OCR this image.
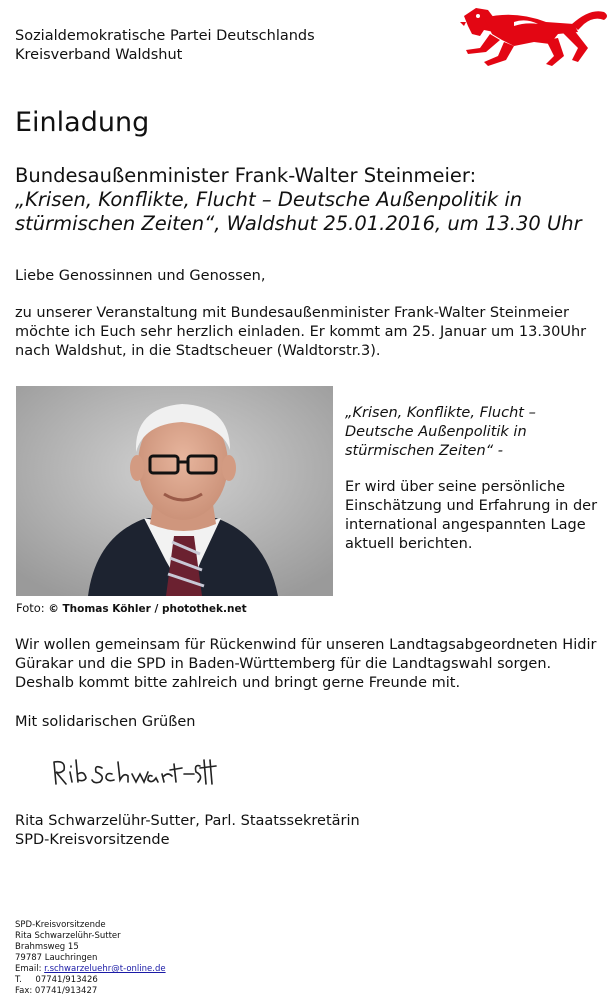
Sozialdemokratische Partei Deutschlands

Kreisverband Waldshut

Einladung
Bundesaußenminister Frank-Walter Steinmeier:
„Krisen, Konflikte, Flucht – Deutsche Außenpolitik in stürmischen Zeiten“, Waldshut 25.01.2016, um 13.30 Uhr
Liebe Genossinnen und Genossen,
zu unserer Veranstaltung mit Bundesaußenminister Frank-Walter Steinmeier möchte ich Euch sehr herzlich einladen. Er kommt am 25. Januar um 13.30Uhr nach Waldshut, in die Stadtscheuer (Waldtorstr.3).
Foto: © Thomas Köhler / photothek.net
„Krisen, Konflikte, Flucht – Deutsche Außenpolitik in stürmischen Zeiten“ -
Er wird über seine persönliche Einschätzung und Erfahrung in der international angespannten Lage aktuell berichten.
Wir wollen gemeinsam für Rückenwind für unseren Landtagsabgeordneten Hidir Gürakar und die SPD in Baden-Württemberg für die Landtagswahl sorgen. Deshalb kommt bitte zahlreich und bringt gerne Freunde mit.
Mit solidarischen Grüßen

Rita Schwarzelühr-Sutter, Parl. Staatssekretärin

SPD-Kreisvorsitzende

SPD-Kreisvorsitzende

Rita Schwarzelühr-Sutter

Brahmsweg 15

79787 Lauchringen

Email: r.schwarzeluehr@t-online.de

T. 07741/913426

Fax: 07741/913427
